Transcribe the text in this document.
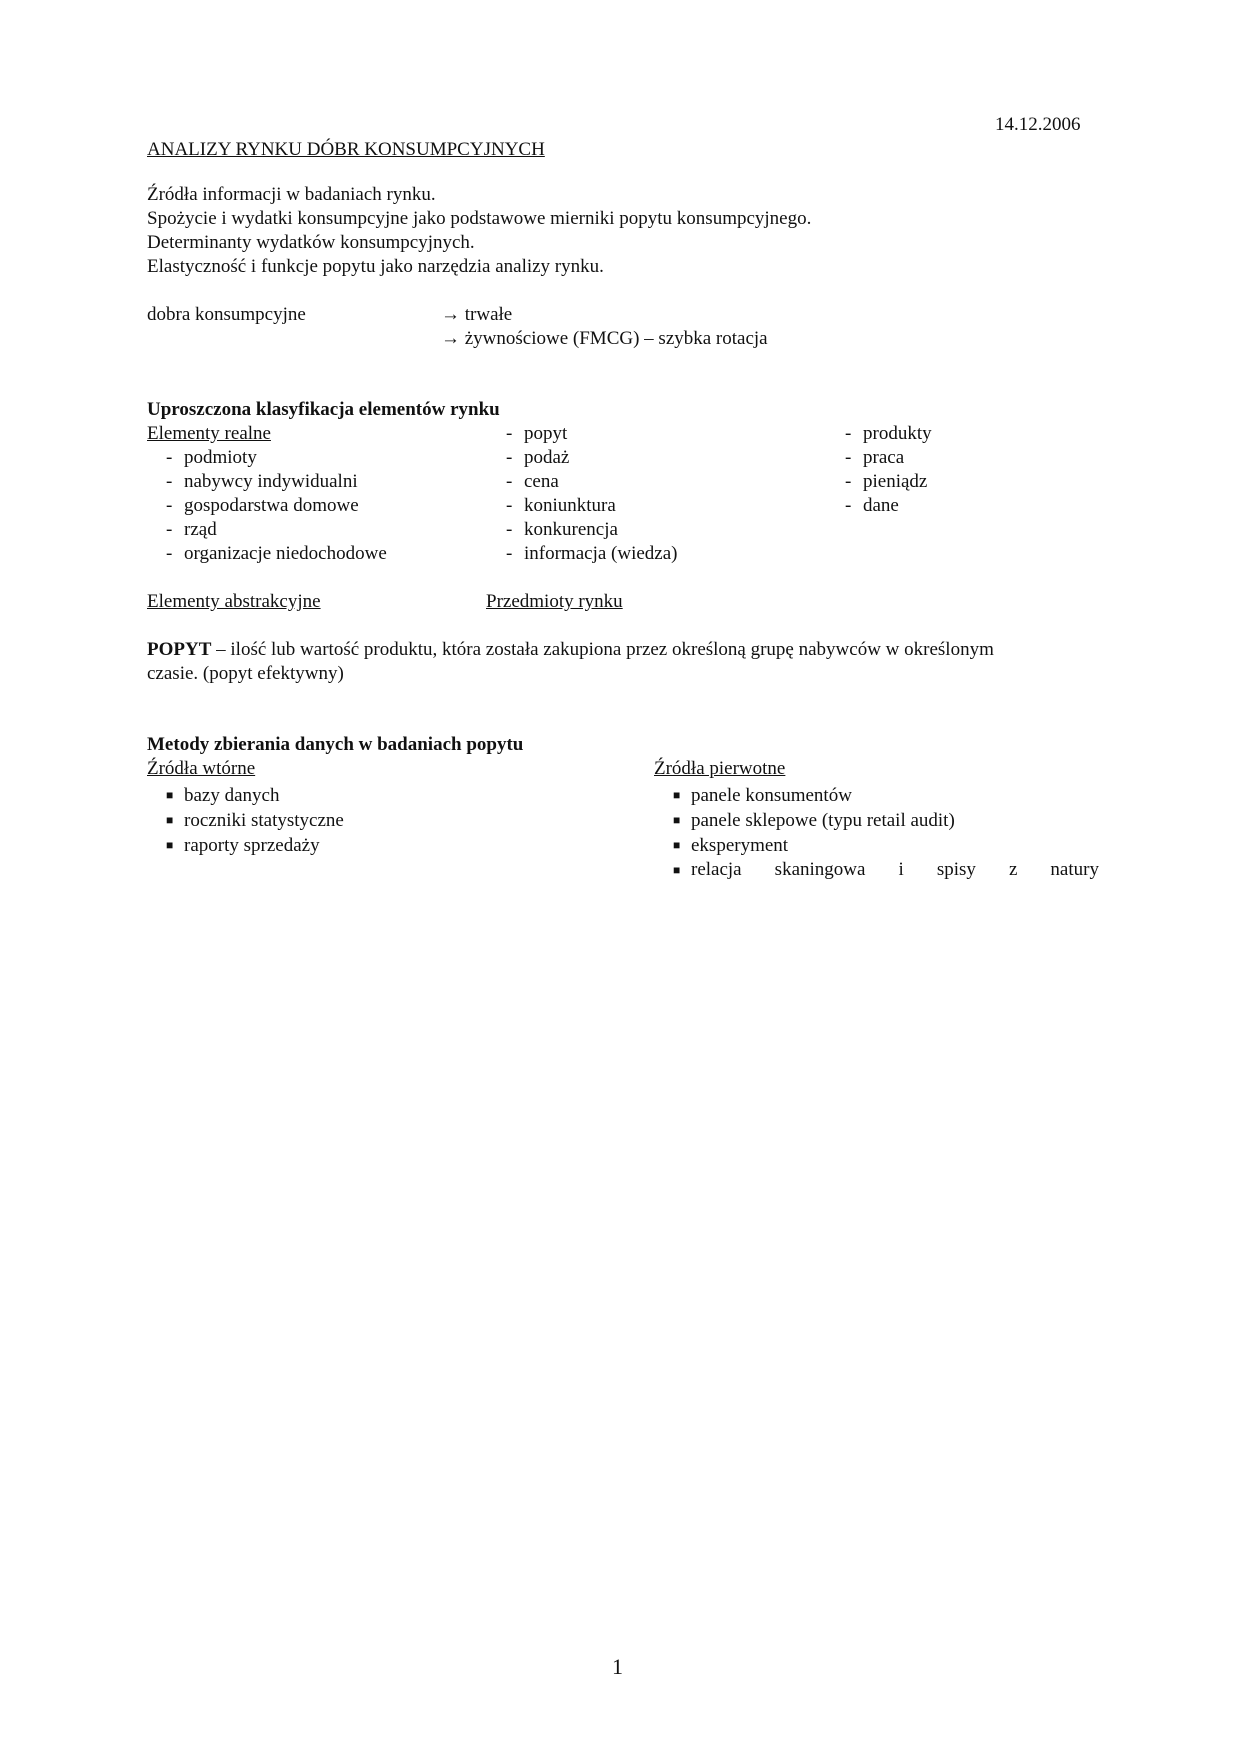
14.12.2006
ANALIZY RYNKU DÓBR KONSUMPCYJNYCH
Źródła informacji w badaniach rynku.
Spożycie i wydatki konsumpcyjne jako podstawowe mierniki popytu konsumpcyjnego.
Determinanty wydatków konsumpcyjnych.
Elastyczność i funkcje popytu jako narzędzia analizy rynku.
dobra konsumpcyjne	→ trwałe
→ żywnościowe (FMCG) – szybka rotacja
Uproszczona klasyfikacja elementów rynku
Elementy realne
- podmioty
- nabywcy indywidualni
- gospodarstwa domowe
- rząd
- organizacje niedochodowe
- popyt
- podaż
- cena
- koniunktura
- konkurencja
- informacja (wiedza)
- produkty
- praca
- pieniądz
- dane
Elementy abstrakcyjne	Przedmioty rynku
POPYT – ilość lub wartość produktu, która została zakupiona przez określoną grupę nabywców w określonym
czasie. (popyt efektywny)
Metody zbierania danych w badaniach popytu
Źródła wtórne
■ bazy danych
■ roczniki statystyczne
■ raporty sprzedaży
Źródła pierwotne
■ panele konsumentów
■ panele sklepowe (typu retail audit)
■ eksperyment
■ relacja skaningowa i spisy z natury
1
